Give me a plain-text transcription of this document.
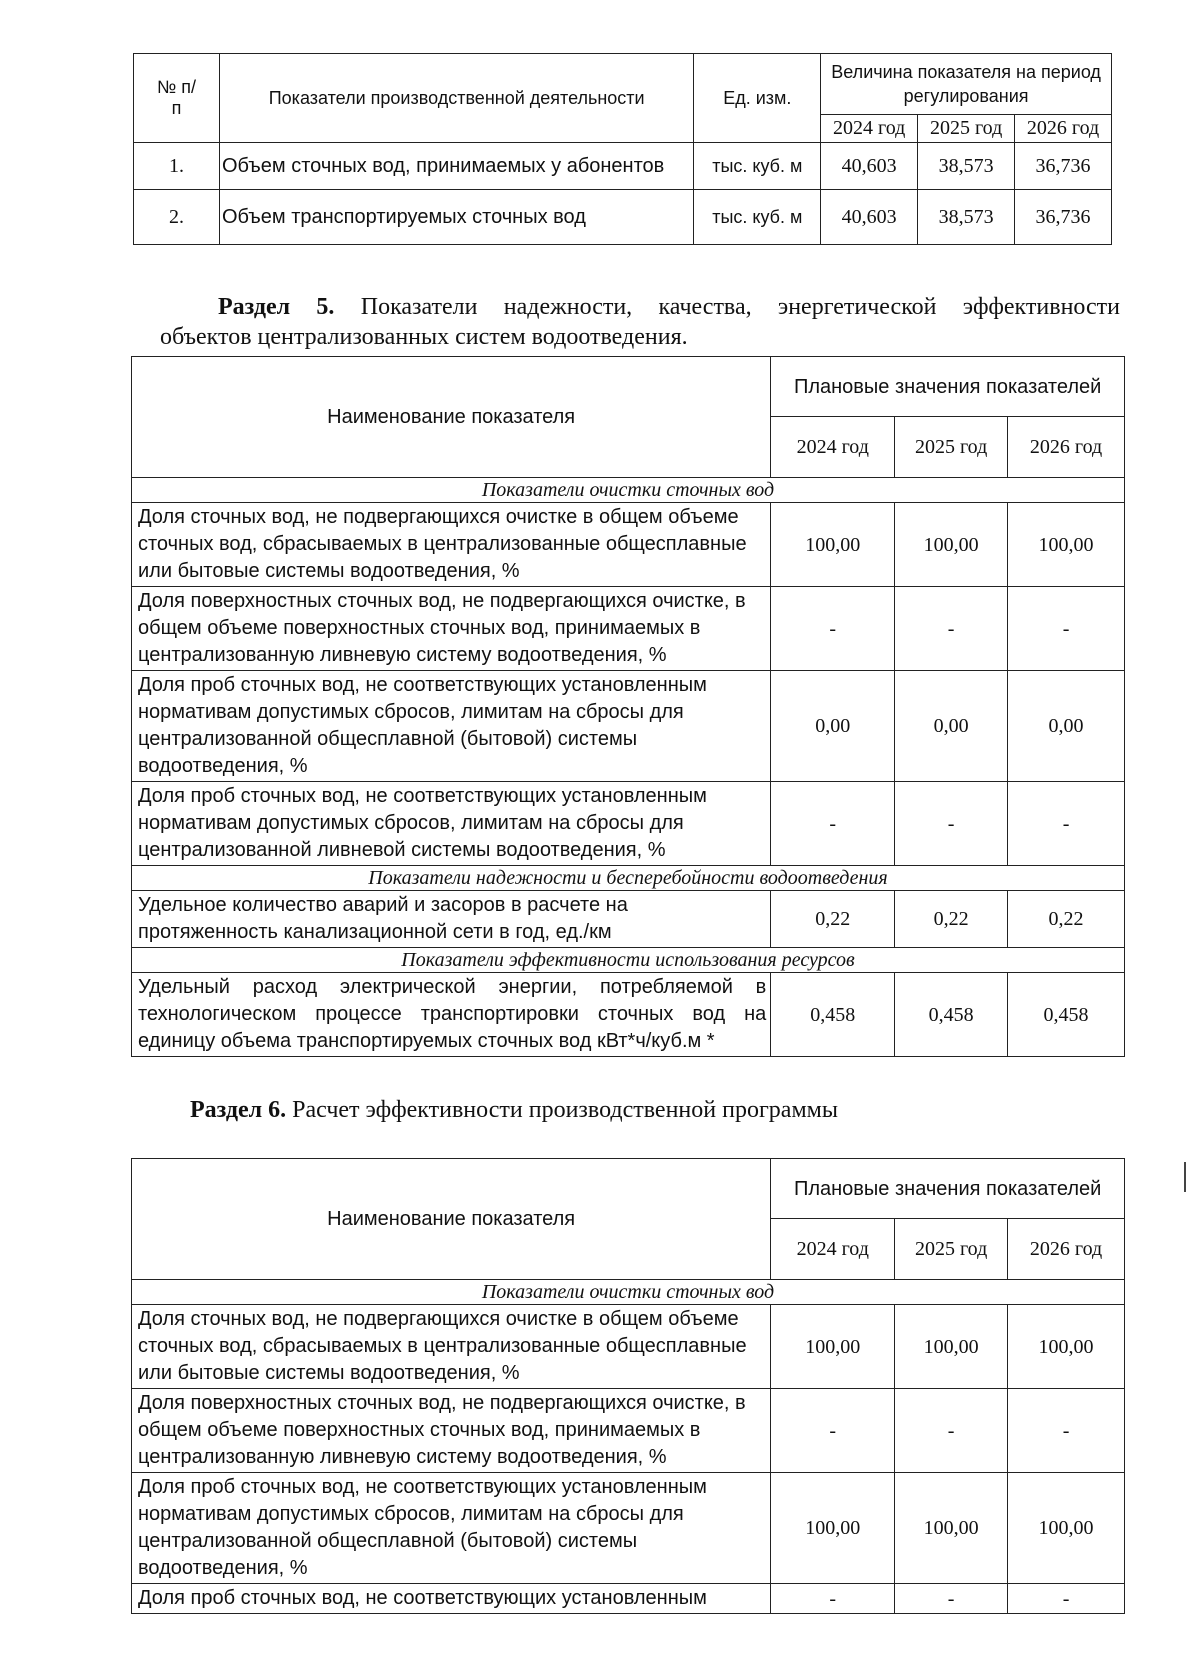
№ п/п	Показатели производственной деятельности	Ед. изм.	Величина показателя на период регулирования		
			2024 год	2025 год	2026 год
1.	Объем сточных вод, принимаемых у абонентов	тыс. куб. м	40,603	38,573	36,736
2.	Объем транспортируемых сточных вод	тыс. куб. м	40,603	38,573	36,736
Раздел 5. Показатели надежности, качества, энергетической эффективности
объектов централизованных систем водоотведения.
Наименование показателя	Плановые значения показателей		
	2024 год	2025 год	2026 год
Показатели очистки сточных вод			
Доля сточных вод, не подвергающихся очистке в общем объеме сточных вод, сбрасываемых в централизованные общесплавные или бытовые системы водоотведения, %	100,00	100,00	100,00
Доля поверхностных сточных вод, не подвергающихся очистке, в общем объеме поверхностных сточных вод, принимаемых в централизованную ливневую систему водоотведения, %	-	-	-
Доля проб сточных вод, не соответствующих установленным нормативам допустимых сбросов, лимитам на сбросы для централизованной общесплавной (бытовой) системы водоотведения, %	0,00	0,00	0,00
Доля проб сточных вод, не соответствующих установленным нормативам допустимых сбросов, лимитам на сбросы для централизованной ливневой системы водоотведения, %	-	-	-
Показатели надежности и бесперебойности водоотведения			
Удельное количество аварий и засоров в расчете на протяженность канализационной сети в год, ед./км	0,22	0,22	0,22
Показатели эффективности использования ресурсов			
Удельный расход электрической энергии, потребляемой в технологическом процессе транспортировки сточных вод на единицу объема транспортируемых сточных вод кВт*ч/куб.м *	0,458	0,458	0,458
Раздел 6. Расчет эффективности производственной программы
Наименование показателя	Плановые значения показателей		
	2024 год	2025 год	2026 год
Показатели очистки сточных вод			
Доля сточных вод, не подвергающихся очистке в общем объеме сточных вод, сбрасываемых в централизованные общесплавные или бытовые системы водоотведения, %	100,00	100,00	100,00
Доля поверхностных сточных вод, не подвергающихся очистке, в общем объеме поверхностных сточных вод, принимаемых в централизованную ливневую систему водоотведения, %	-	-	-
Доля проб сточных вод, не соответствующих установленным нормативам допустимых сбросов, лимитам на сбросы для централизованной общесплавной (бытовой) системы водоотведения, %	100,00	100,00	100,00
Доля проб сточных вод, не соответствующих установленным	-	-	-
